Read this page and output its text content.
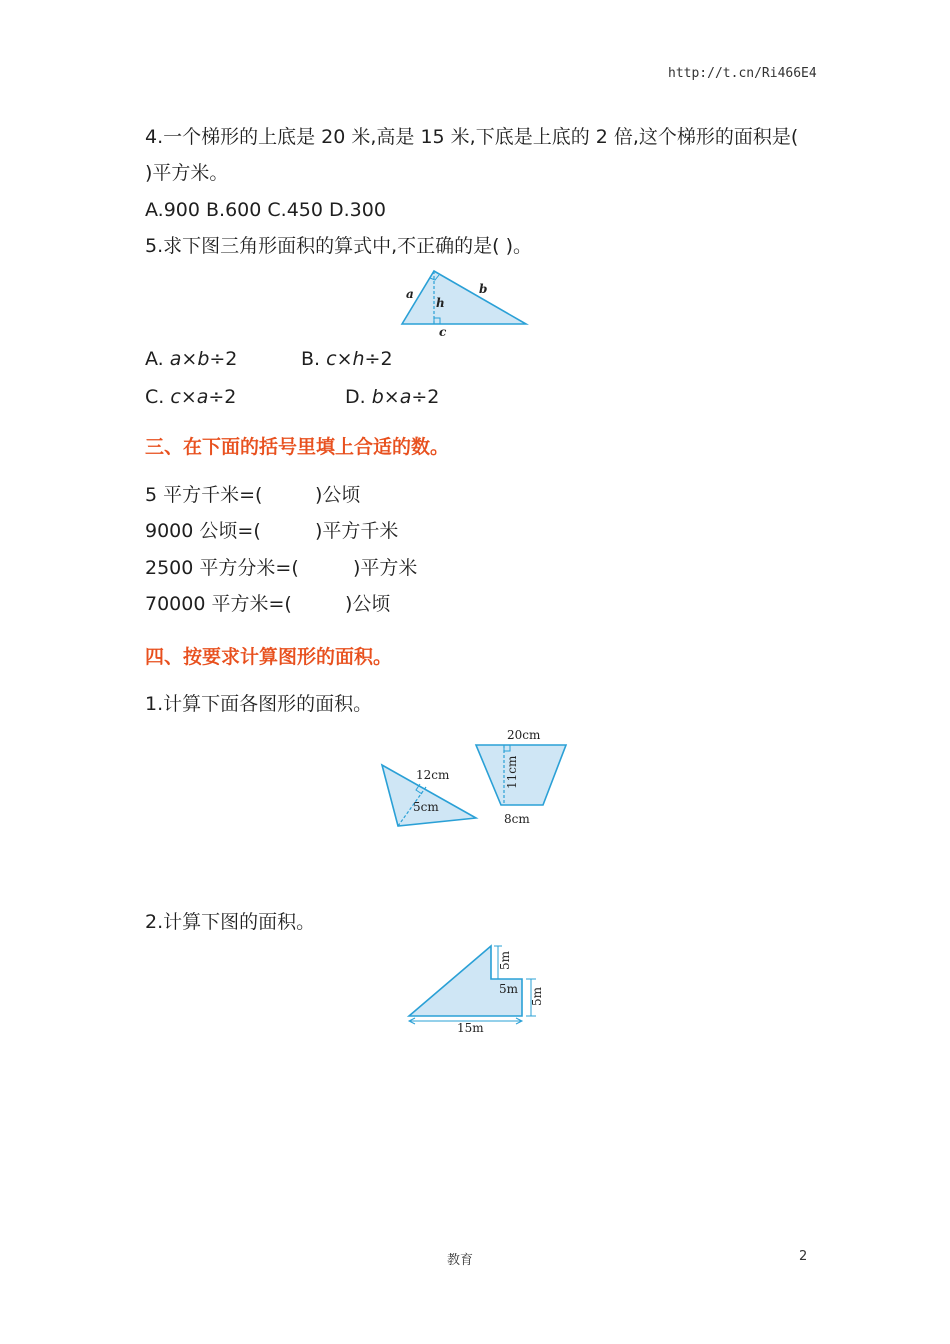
http://t.cn/Ri466E4
4.一个梯形的上底是 20 米,高是 15 米,下底是上底的 2 倍,这个梯形的面积是(
)平方米。
A.900 B.600 C.450 D.300
5.求下图三角形面积的算式中,不正确的是( )。
a	b
h
c
A. a×b÷2	B. c×h÷2
C. c×a÷2	D. b×a÷2
三、在下面的括号里填上合适的数。
5 平方千米=(	)公顷
9000 公顷=(	)平方千米
2500 平方分米=(	)平方米
70000 平方米=(	)公顷
四、按要求计算图形的面积。
1.计算下面各图形的面积。
12cm
5cm
20cm
11cm
8cm
2.计算下图的面积。
5m
5m 5m
15m
教育	2
